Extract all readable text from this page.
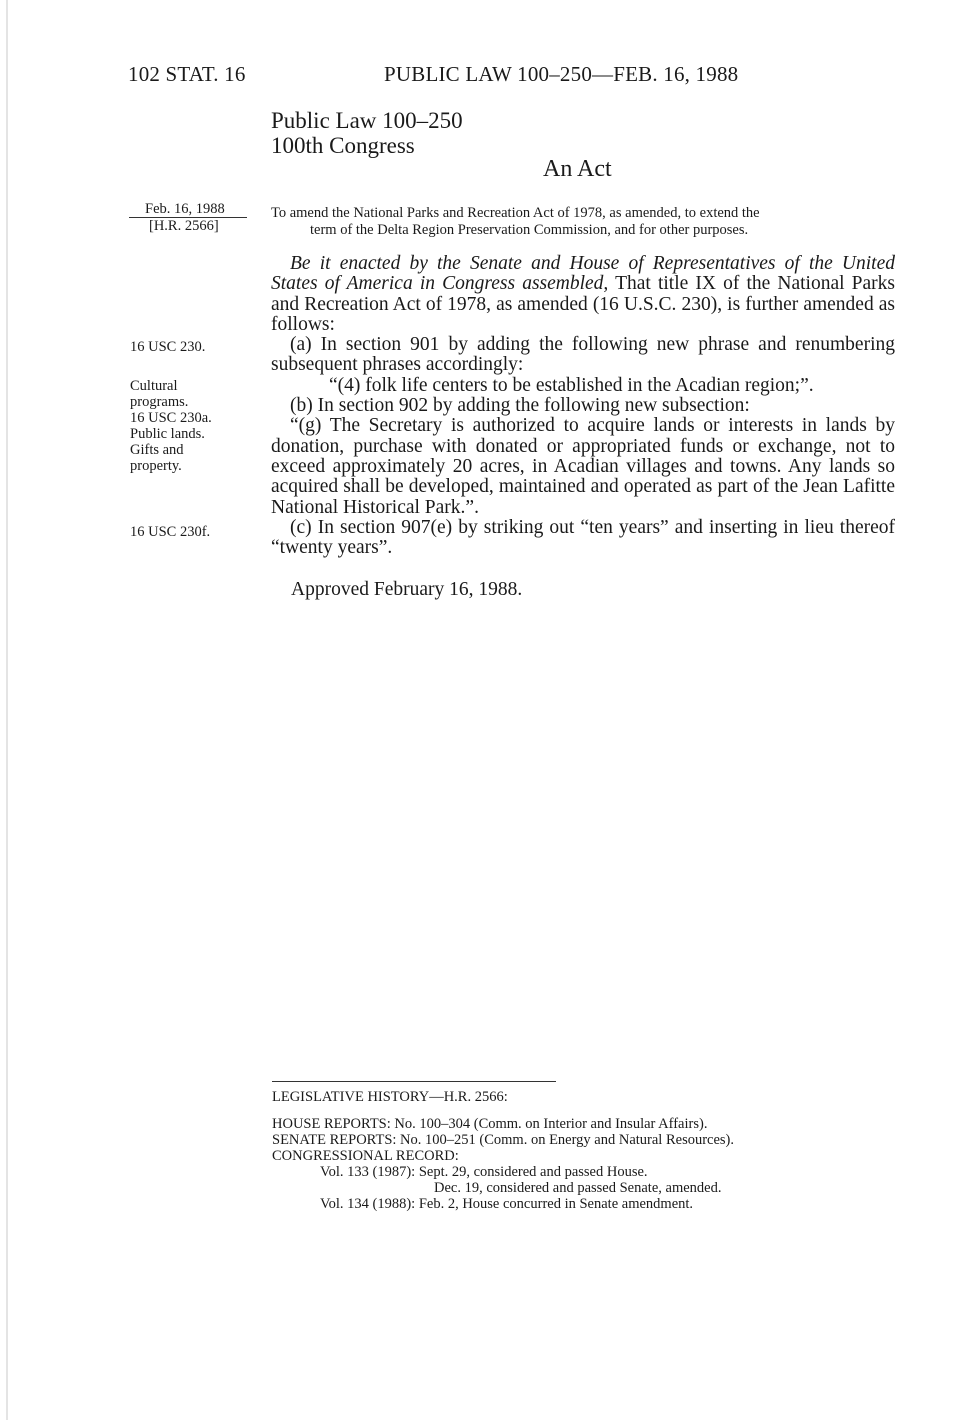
102 STAT. 16	PUBLIC LAW 100–250—FEB. 16, 1988
Public Law 100–250
100th Congress
An Act
Feb. 16, 1988
[H.R. 2566]
To amend the National Parks and Recreation Act of 1978, as amended, to extend the
term of the Delta Region Preservation Commission, and for other purposes.

Be it enacted by the Senate and House of Representatives of the United States of America in Congress assembled, That title IX of the National Parks and Recreation Act of 1978, as amended (16 U.S.C. 230), is further amended as follows:

(a) In section 901 by adding the following new phrase and renumbering subsequent phrases accordingly:

“(4) folk life centers to be established in the Acadian region;”.

(b) In section 902 by adding the following new subsection:

“(g) The Secretary is authorized to acquire lands or interests in lands by donation, purchase with donated or appropriated funds or exchange, not to exceed approximately 20 acres, in Acadian villages and towns. Any lands so acquired shall be developed, maintained and operated as part of the Jean Lafitte National Historical Park.”.

(c) In section 907(e) by striking out “ten years” and inserting in lieu thereof “twenty years”.

16 USC 230.
Cultural
programs.
16 USC 230a.
Public lands.
Gifts and
property.
16 USC 230f.
Approved February 16, 1988.
LEGISLATIVE HISTORY—H.R. 2566:
HOUSE REPORTS: No. 100–304 (Comm. on Interior and Insular Affairs).
SENATE REPORTS: No. 100–251 (Comm. on Energy and Natural Resources).
CONGRESSIONAL RECORD:
Vol. 133 (1987): Sept. 29, considered and passed House.
Dec. 19, considered and passed Senate, amended.
Vol. 134 (1988): Feb. 2, House concurred in Senate amendment.
